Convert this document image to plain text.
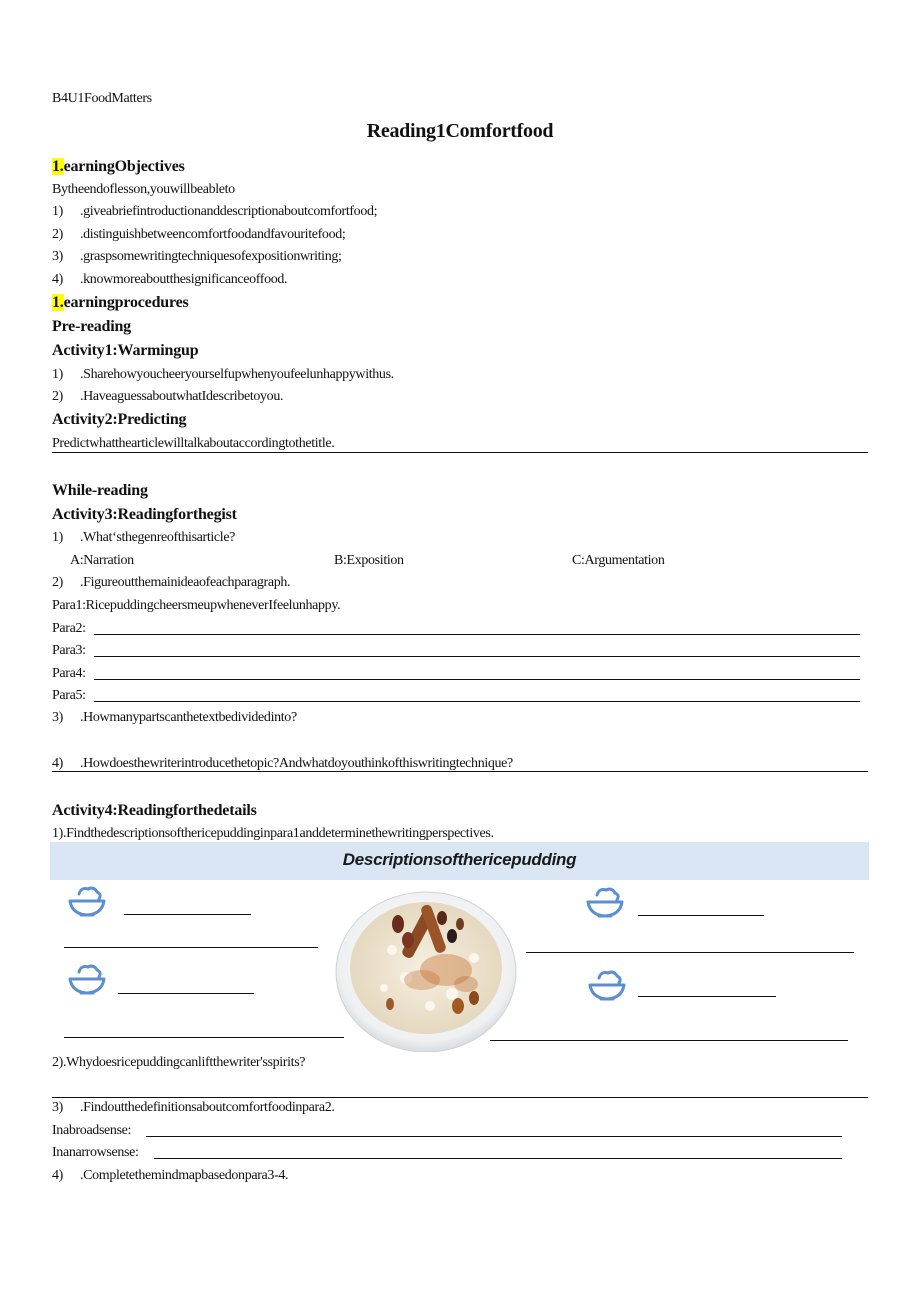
B4U1FoodMatters
Reading1Comfortfood
1.earningObjectives
Bytheendoflesson,youwillbeableto
1) .giveabriefintroductionanddescriptionaboutcomfortfood;
2) .distinguishbetweencomfortfoodandfavouritefood;
3) .graspsomewritingtechniquesofexpositionwriting;
4) .knowmoreaboutthesignificanceoffood.
1.earningprocedures
Pre-reading
Activity1:Warmingup
1) .Sharehowyoucheeryourselfupwhenyoufeelunhappywithus.
2) .HaveaguessaboutwhatIdescribetoyou.
Activity2:Predicting
Predictwhatthearticlewilltalkaboutaccordingtothetitle.
While-reading
Activity3:Readingforthegist
1) .What‘sthegenreofthisarticle?
A:Narration	B:Exposition	C:Argumentation
2) .Figureoutthemainideaofeachparagraph.
Para1:RicepuddingcheersmeupwheneverIfeelunhappy.
Para2:
Para3:
Para4:
Para5:
3) .Howmanypartscanthetextbedividedinto?
4) .Howdoesthewriterintroducethetopic?Andwhatdoyouthinkofthiswritingtechnique?
Activity4:Readingforthedetails
1).Findthedescriptionsofthericepuddinginpara1anddeterminethewritingperspectives.
Descriptionsofthericepudding
2).Whydoesricepuddingcanliftthewriter'sspirits?
3) .Findoutthedefinitionsaboutcomfortfoodinpara2.
Inabroadsense:
Inanarrowsense:
4) .Completethemindmapbasedonpara3-4.
